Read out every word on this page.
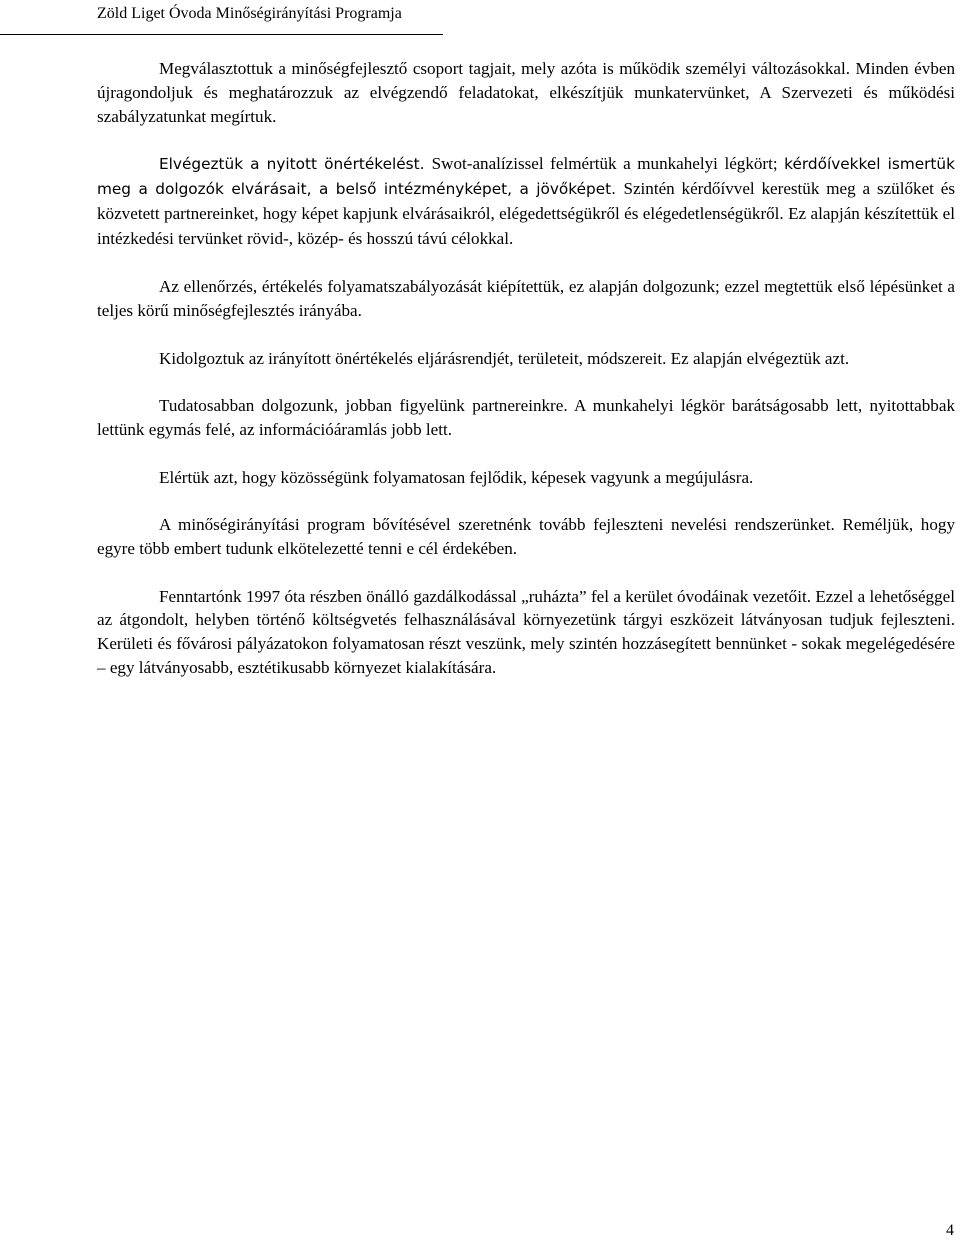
Zöld Liget Óvoda Minőségirányítási Programja

Megválasztottuk a minőségfejlesztő csoport tagjait, mely azóta is működik személyi változásokkal. Minden évben újragondoljuk és meghatározzuk az elvégzendő feladatokat, elkészítjük munkatervünket, A Szervezeti és működési szabályzatunkat megírtuk.

Elvégeztük a nyitott önértékelést. Swot-analízissel felmértük a munkahelyi légkört; kérdőívekkel ismertük meg a dolgozók elvárásait, a belső intézményképet, a jövőképet. Szintén kérdőívvel kerestük meg a szülőket és közvetett partnereinket, hogy képet kapjunk elvárásaikról, elégedettségükről és elégedetlenségükről. Ez alapján készítettük el intézkedési tervünket rövid-, közép- és hosszú távú célokkal.

Az ellenőrzés, értékelés folyamatszabályozását kiépítettük, ez alapján dolgozunk; ezzel megtettük első lépésünket a teljes körű minőségfejlesztés irányába.

Kidolgoztuk az irányított önértékelés eljárásrendjét, területeit, módszereit. Ez alapján elvégeztük azt.

Tudatosabban dolgozunk, jobban figyelünk partnereinkre. A munkahelyi légkör barátságosabb lett, nyitottabbak lettünk egymás felé, az információáramlás jobb lett.

Elértük azt, hogy közösségünk folyamatosan fejlődik, képesek vagyunk a megújulásra.

A minőségirányítási program bővítésével szeretnénk tovább fejleszteni nevelési rendszerünket. Reméljük, hogy egyre több embert tudunk elkötelezetté tenni e cél érdekében.

Fenntartónk 1997 óta részben önálló gazdálkodással „ruházta” fel a kerület óvodáinak vezetőit. Ezzel a lehetőséggel az átgondolt, helyben történő költségvetés felhasználásával környezetünk tárgyi eszközeit látványosan tudjuk fejleszteni. Kerületi és fővárosi pályázatokon folyamatosan részt veszünk, mely szintén hozzásegített bennünket - sokak megelégedésére – egy látványosabb, esztétikusabb környezet kialakítására.

4
